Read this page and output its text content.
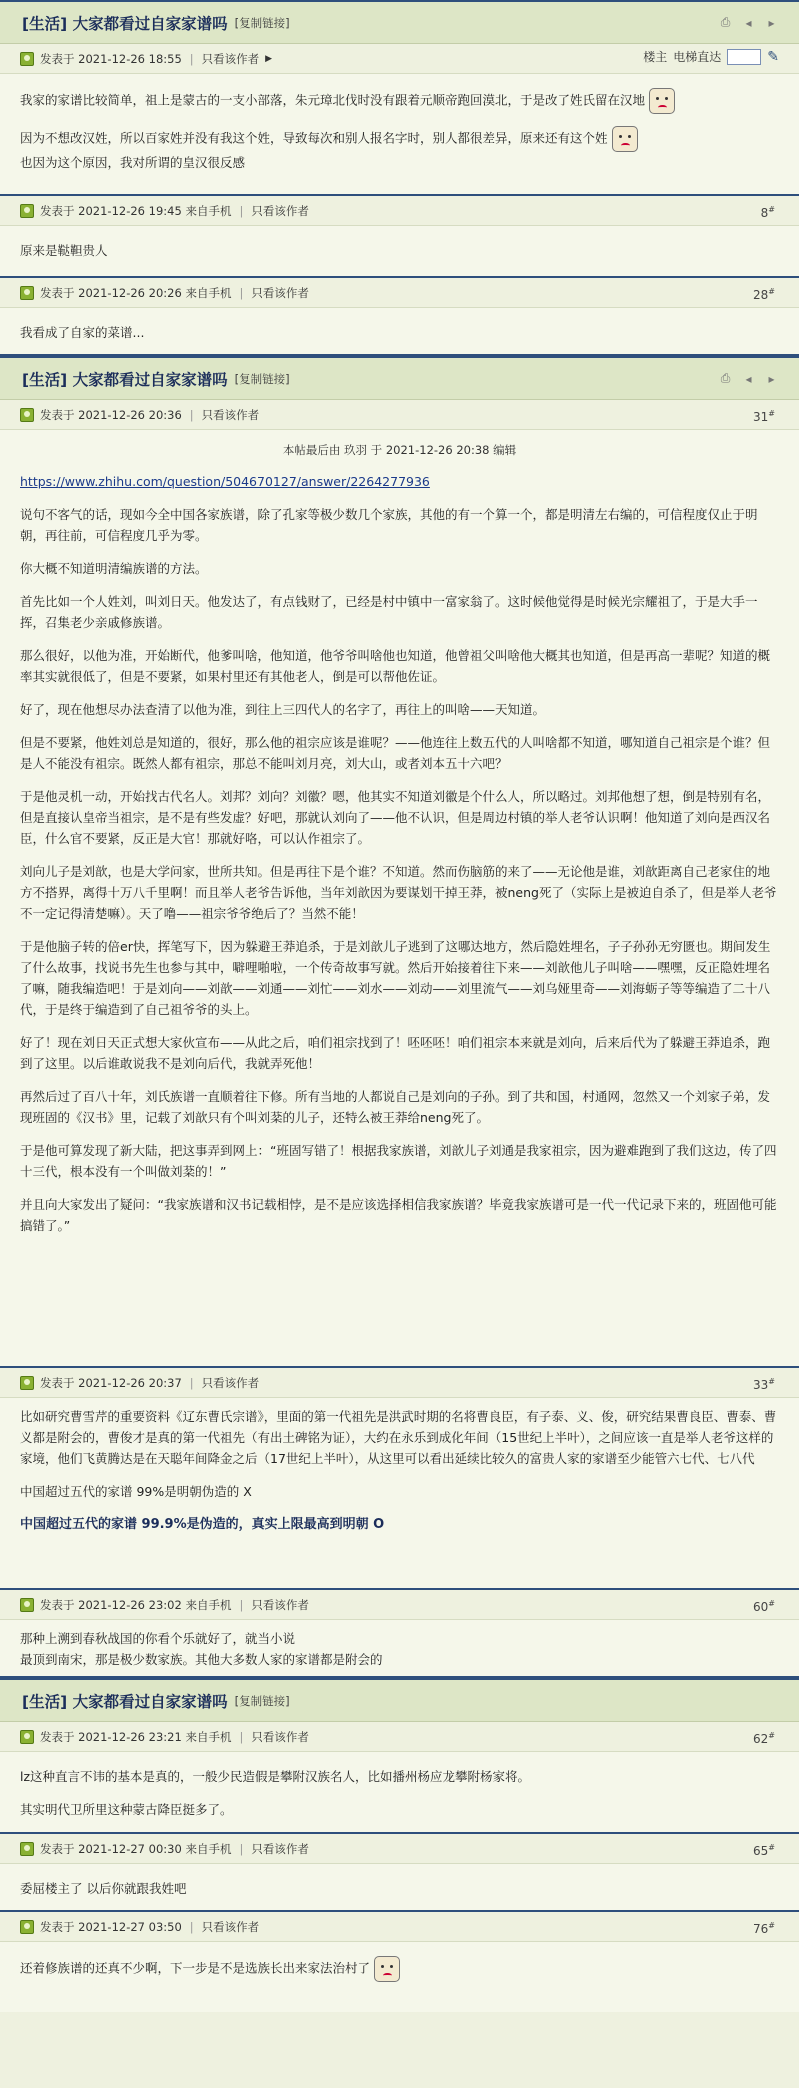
[生活] 大家都看过自家家谱吗 [复制链接]	⎙	◂	▸
发表于 2021-12-26 18:55 | 只看该作者 ▶	楼主 电梯直达	✎

我家的家谱比较简单，祖上是蒙古的一支小部落，朱元璋北伐时没有跟着元顺帝跑回漠北，于是改了姓氏留在汉地

因为不想改汉姓，所以百家姓并没有我这个姓，导致每次和别人报名字时，别人都很差异，原来还有这个姓
也因为这个原因，我对所谓的皇汉很反感

发表于 2021-12-26 19:45 来自手机 | 只看该作者	8#

原来是鞑靼贵人

发表于 2021-12-26 20:26 来自手机 | 只看该作者	28#

我看成了自家的菜谱...

[生活] 大家都看过自家家谱吗 [复制链接]	⎙	◂	▸
发表于 2021-12-26 20:36 | 只看该作者	31#
本帖最后由 玖羽 于 2021-12-26 20:38 编辑

https://www.zhihu.com/question/504670127/answer/2264277936

说句不客气的话，现如今全中国各家族谱，除了孔家等极少数几个家族，其他的有一个算一个，都是明清左右编的，可信程度仅止于明朝，再往前，可信程度几乎为零。

你大概不知道明清编族谱的方法。

首先比如一个人姓刘，叫刘日天。他发达了，有点钱财了，已经是村中镇中一富家翁了。这时候他觉得是时候光宗耀祖了，于是大手一挥，召集老少亲戚修族谱。

那么很好，以他为准，开始断代，他爹叫啥，他知道，他爷爷叫啥他也知道，他曾祖父叫啥他大概其也知道，但是再高一辈呢？知道的概率其实就很低了，但是不要紧，如果村里还有其他老人，倒是可以帮他佐证。

好了，现在他想尽办法查清了以他为准，到往上三四代人的名字了，再往上的叫啥——天知道。

但是不要紧，他姓刘总是知道的，很好，那么他的祖宗应该是谁呢？——他连往上数五代的人叫啥都不知道，哪知道自己祖宗是个谁？但是人不能没有祖宗。既然人都有祖宗，那总不能叫刘月亮，刘大山，或者刘本五十六吧？

于是他灵机一动，开始找古代名人。刘邦？刘向？刘徽？嗯，他其实不知道刘徽是个什么人，所以略过。刘邦他想了想，倒是特别有名，但是直接认皇帝当祖宗，是不是有些发虚？好吧，那就认刘向了——他不认识，但是周边村镇的举人老爷认识啊！他知道了刘向是西汉名臣，什么官不要紧，反正是大官！那就好咯，可以认作祖宗了。

刘向儿子是刘歆，也是大学问家，世所共知。但是再往下是个谁？不知道。然而伤脑筋的来了——无论他是谁，刘歆距离自己老家住的地方不搭界，离得十万八千里啊！而且举人老爷告诉他，当年刘歆因为要谋划干掉王莽，被neng死了（实际上是被迫自杀了，但是举人老爷不一定记得清楚嘛）。天了噜——祖宗爷爷绝后了？当然不能！

于是他脑子转的倍er快，挥笔写下，因为躲避王莽追杀，于是刘歆儿子逃到了这哪达地方，然后隐姓埋名，子子孙孙无穷匮也。期间发生了什么故事，找说书先生也参与其中，噼哩啪啦，一个传奇故事写就。然后开始接着往下来——刘歆他儿子叫啥——嘿嘿，反正隐姓埋名了嘛，随我编造吧！于是刘向——刘歆——刘通——刘忙——刘水——刘动——刘里流气——刘乌娅里奇——刘海蛎子等等编造了二十八代，于是终于编造到了自己祖爷爷的头上。

好了！现在刘日天正式想大家伙宣布——从此之后，咱们祖宗找到了！呸呸呸！咱们祖宗本来就是刘向，后来后代为了躲避王莽追杀，跑到了这里。以后谁敢说我不是刘向后代，我就弄死他！

再然后过了百八十年，刘氏族谱一直顺着往下修。所有当地的人都说自己是刘向的子孙。到了共和国，村通网，忽然又一个刘家子弟，发现班固的《汉书》里，记载了刘歆只有个叫刘棻的儿子，还特么被王莽给neng死了。

于是他可算发现了新大陆，把这事弄到网上：“班固写错了！根据我家族谱，刘歆儿子刘通是我家祖宗，因为避难跑到了我们这边，传了四十三代，根本没有一个叫做刘棻的！”

并且向大家发出了疑问：“我家族谱和汉书记载相悖，是不是应该选择相信我家族谱？毕竟我家族谱可是一代一代记录下来的，班固他可能搞错了。”

发表于 2021-12-26 20:37 | 只看该作者	33#

比如研究曹雪芹的重要资料《辽东曹氏宗谱》，里面的第一代祖先是洪武时期的名将曹良臣，有子泰、义、俊，研究结果曹良臣、曹泰、曹义都是附会的，曹俊才是真的第一代祖先（有出土碑铭为证），大约在永乐到成化年间（15世纪上半叶），之间应该一直是举人老爷这样的家境，他们飞黄腾达是在天聪年间降金之后（17世纪上半叶），从这里可以看出延续比较久的富贵人家的家谱至少能管六七代、七八代

中国超过五代的家谱 99%是明朝伪造的 X

中国超过五代的家谱 99.9%是伪造的，真实上限最高到明朝 O

发表于 2021-12-26 23:02 来自手机 | 只看该作者	60#

那种上溯到春秋战国的你看个乐就好了，就当小说
最顶到南宋，那是极少数家族。其他大多数人家的家谱都是附会的

[生活] 大家都看过自家家谱吗 [复制链接]
发表于 2021-12-26 23:21 来自手机 | 只看该作者	62#

lz这种直言不讳的基本是真的，一般少民造假是攀附汉族名人，比如播州杨应龙攀附杨家将。

其实明代卫所里这种蒙古降臣挺多了。

发表于 2021-12-27 00:30 来自手机 | 只看该作者	65#

委屈楼主了 以后你就跟我姓吧

发表于 2021-12-27 03:50 | 只看该作者	76#

还着修族谱的还真不少啊，下一步是不是选族长出来家法治村了
